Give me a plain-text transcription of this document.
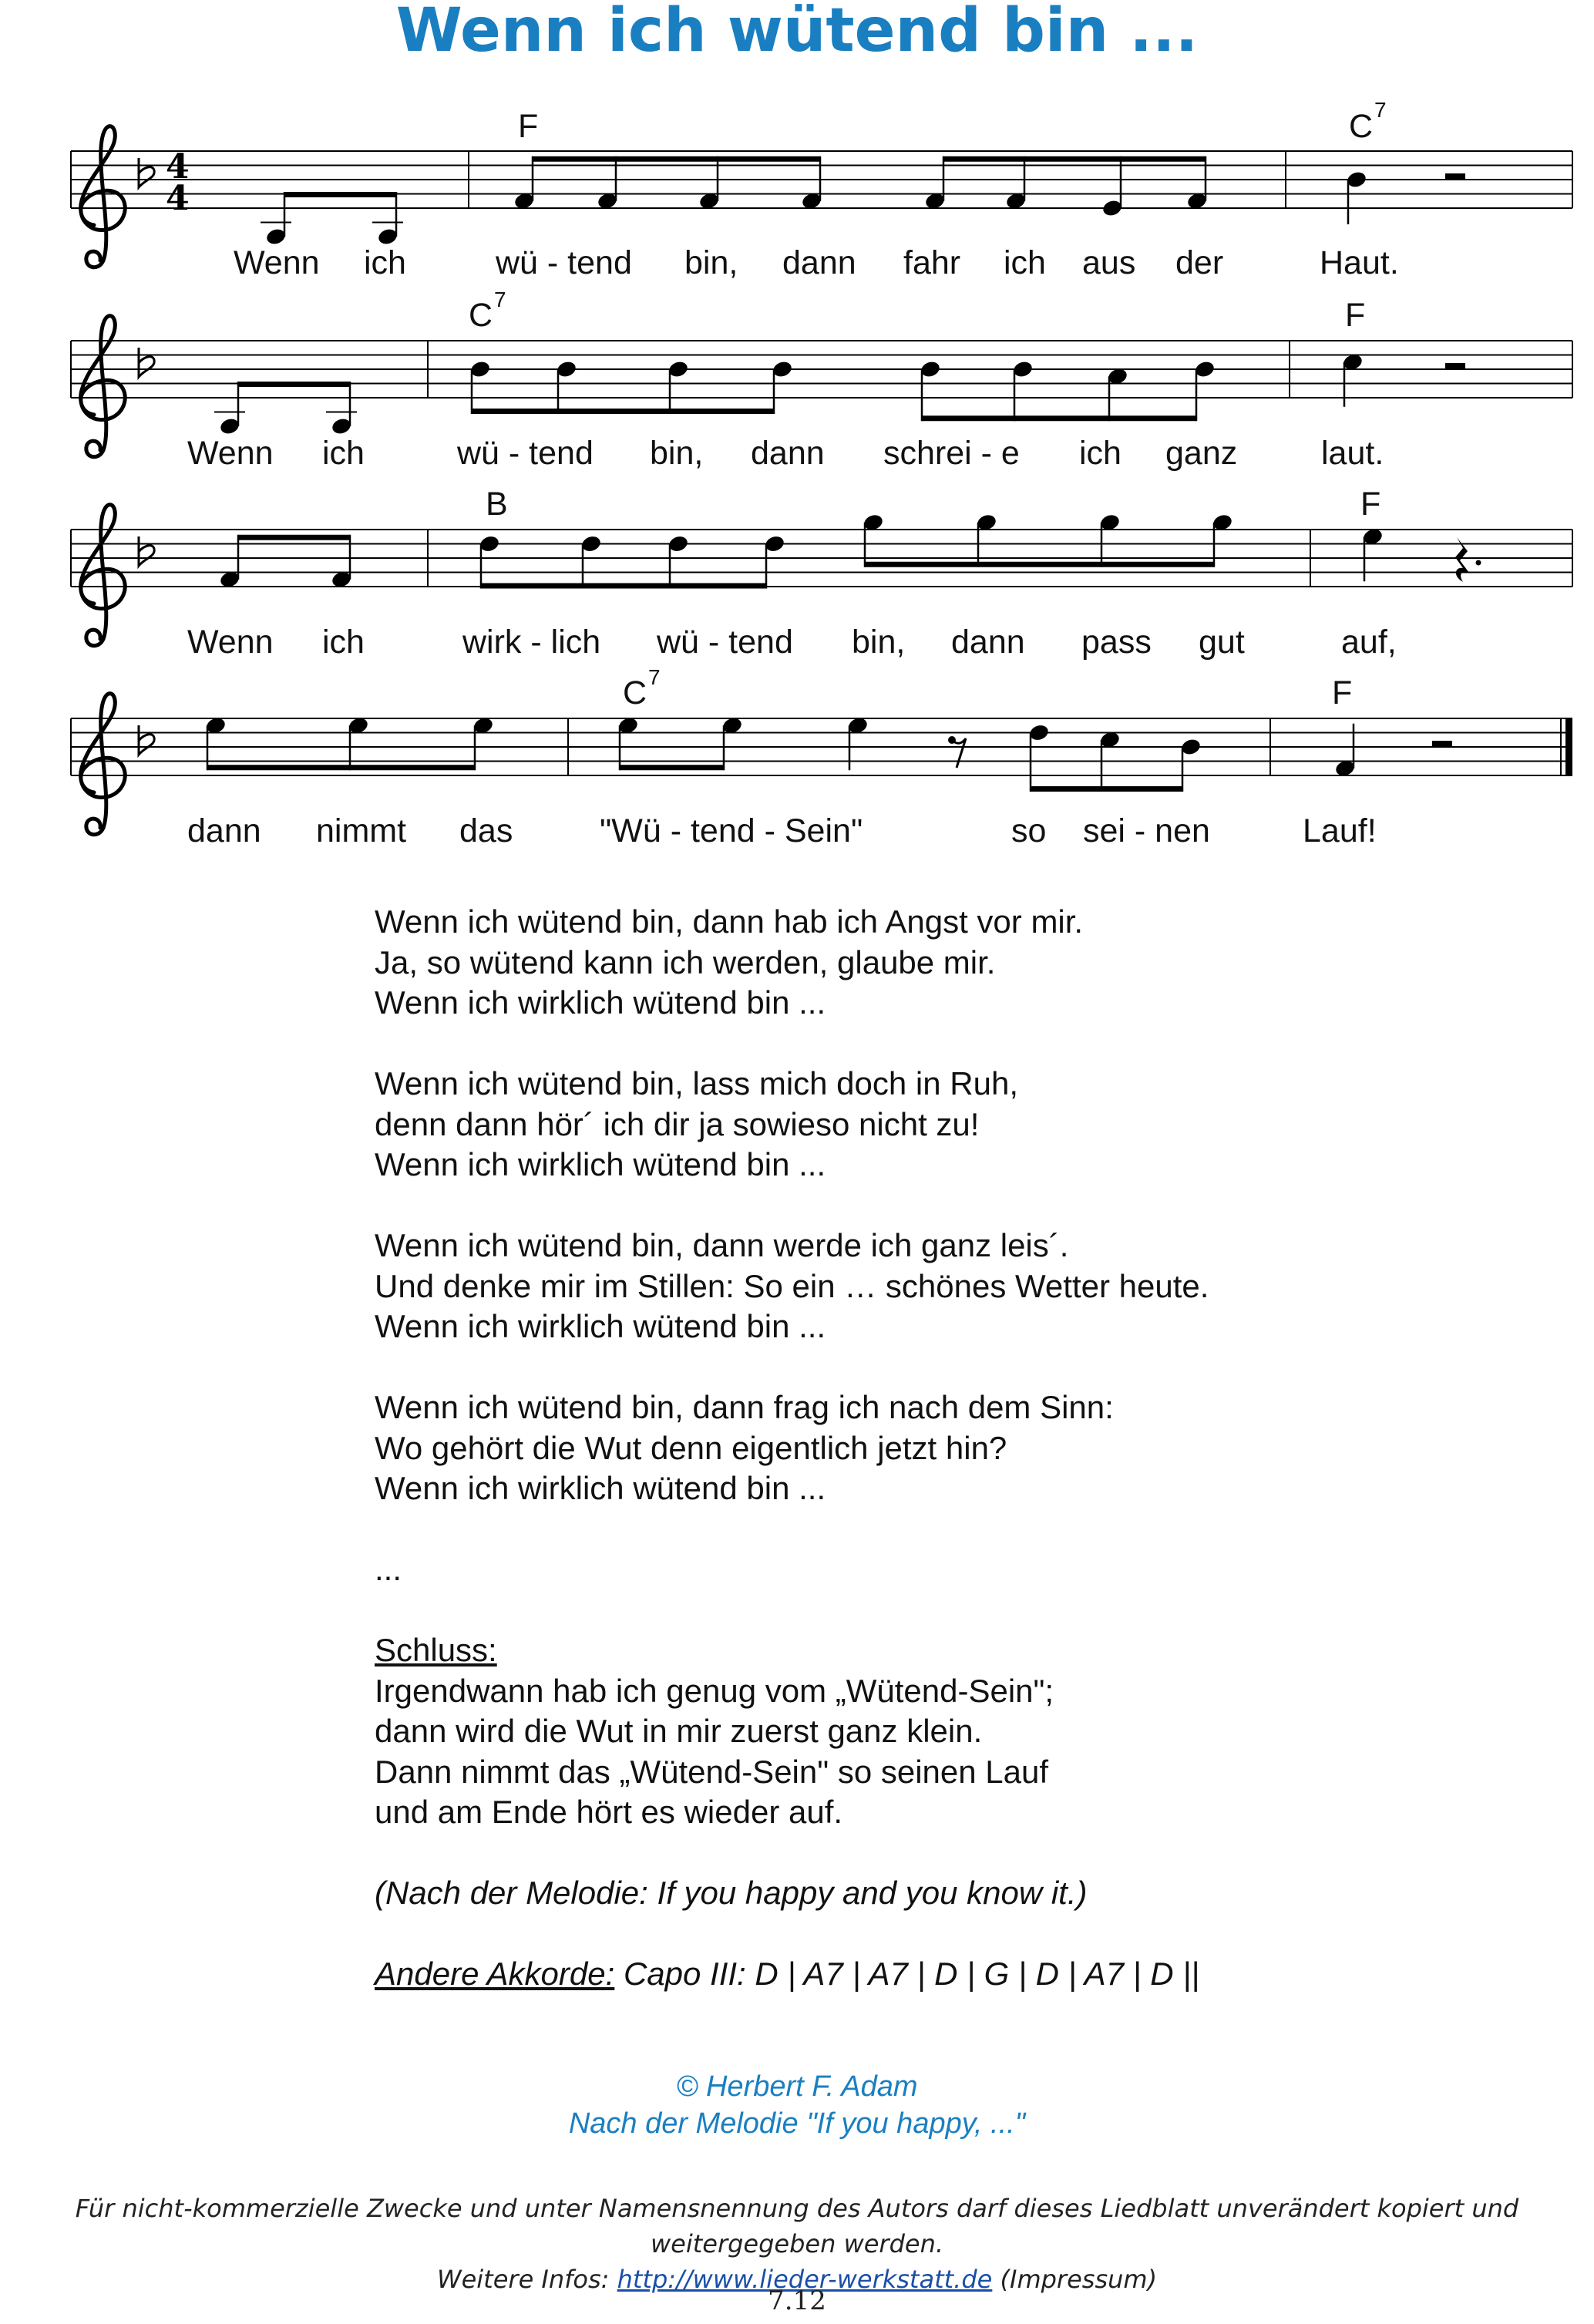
Wenn ich wütend bin ...
4
4
F	C 7
Wenn ich	wü - tend bin, dann fahr ich aus der	Haut.
C 7	F
Wenn ich	wü - tend bin, dann schrei - e ich ganz	laut.
B	F
Wenn ich	wirk - lich wü - tend bin, dann pass gut	auf,
C 7	F
dann nimmt das	"Wü - tend - Sein"	so sei - nen	Lauf!
Wenn ich wütend bin, dann hab ich Angst vor mir.
Ja, so wütend kann ich werden, glaube mir.
Wenn ich wirklich wütend bin ...
Wenn ich wütend bin, lass mich doch in Ruh,
denn dann hör´ ich dir ja sowieso nicht zu!
Wenn ich wirklich wütend bin ...
Wenn ich wütend bin, dann werde ich ganz leis´.
Und denke mir im Stillen: So ein … schönes Wetter heute.
Wenn ich wirklich wütend bin ...
Wenn ich wütend bin, dann frag ich nach dem Sinn:
Wo gehört die Wut denn eigentlich jetzt hin?
Wenn ich wirklich wütend bin ...
...
Schluss:
Irgendwann hab ich genug vom „Wütend-Sein";
dann wird die Wut in mir zuerst ganz klein.
Dann nimmt das „Wütend-Sein" so seinen Lauf
und am Ende hört es wieder auf.
(Nach der Melodie: If you happy and you know it.)
Andere Akkorde: Capo III: D | A7 | A7 | D | G | D | A7 | D ||
© Herbert F. Adam
Nach der Melodie "If you happy, ..."
Für nicht-kommerzielle Zwecke und unter Namensnennung des Autors darf dieses Liedblatt unverändert kopiert und weitergegeben werden.
Weitere Infos: http://www.lieder-werkstatt.de (Impressum)
7.12
